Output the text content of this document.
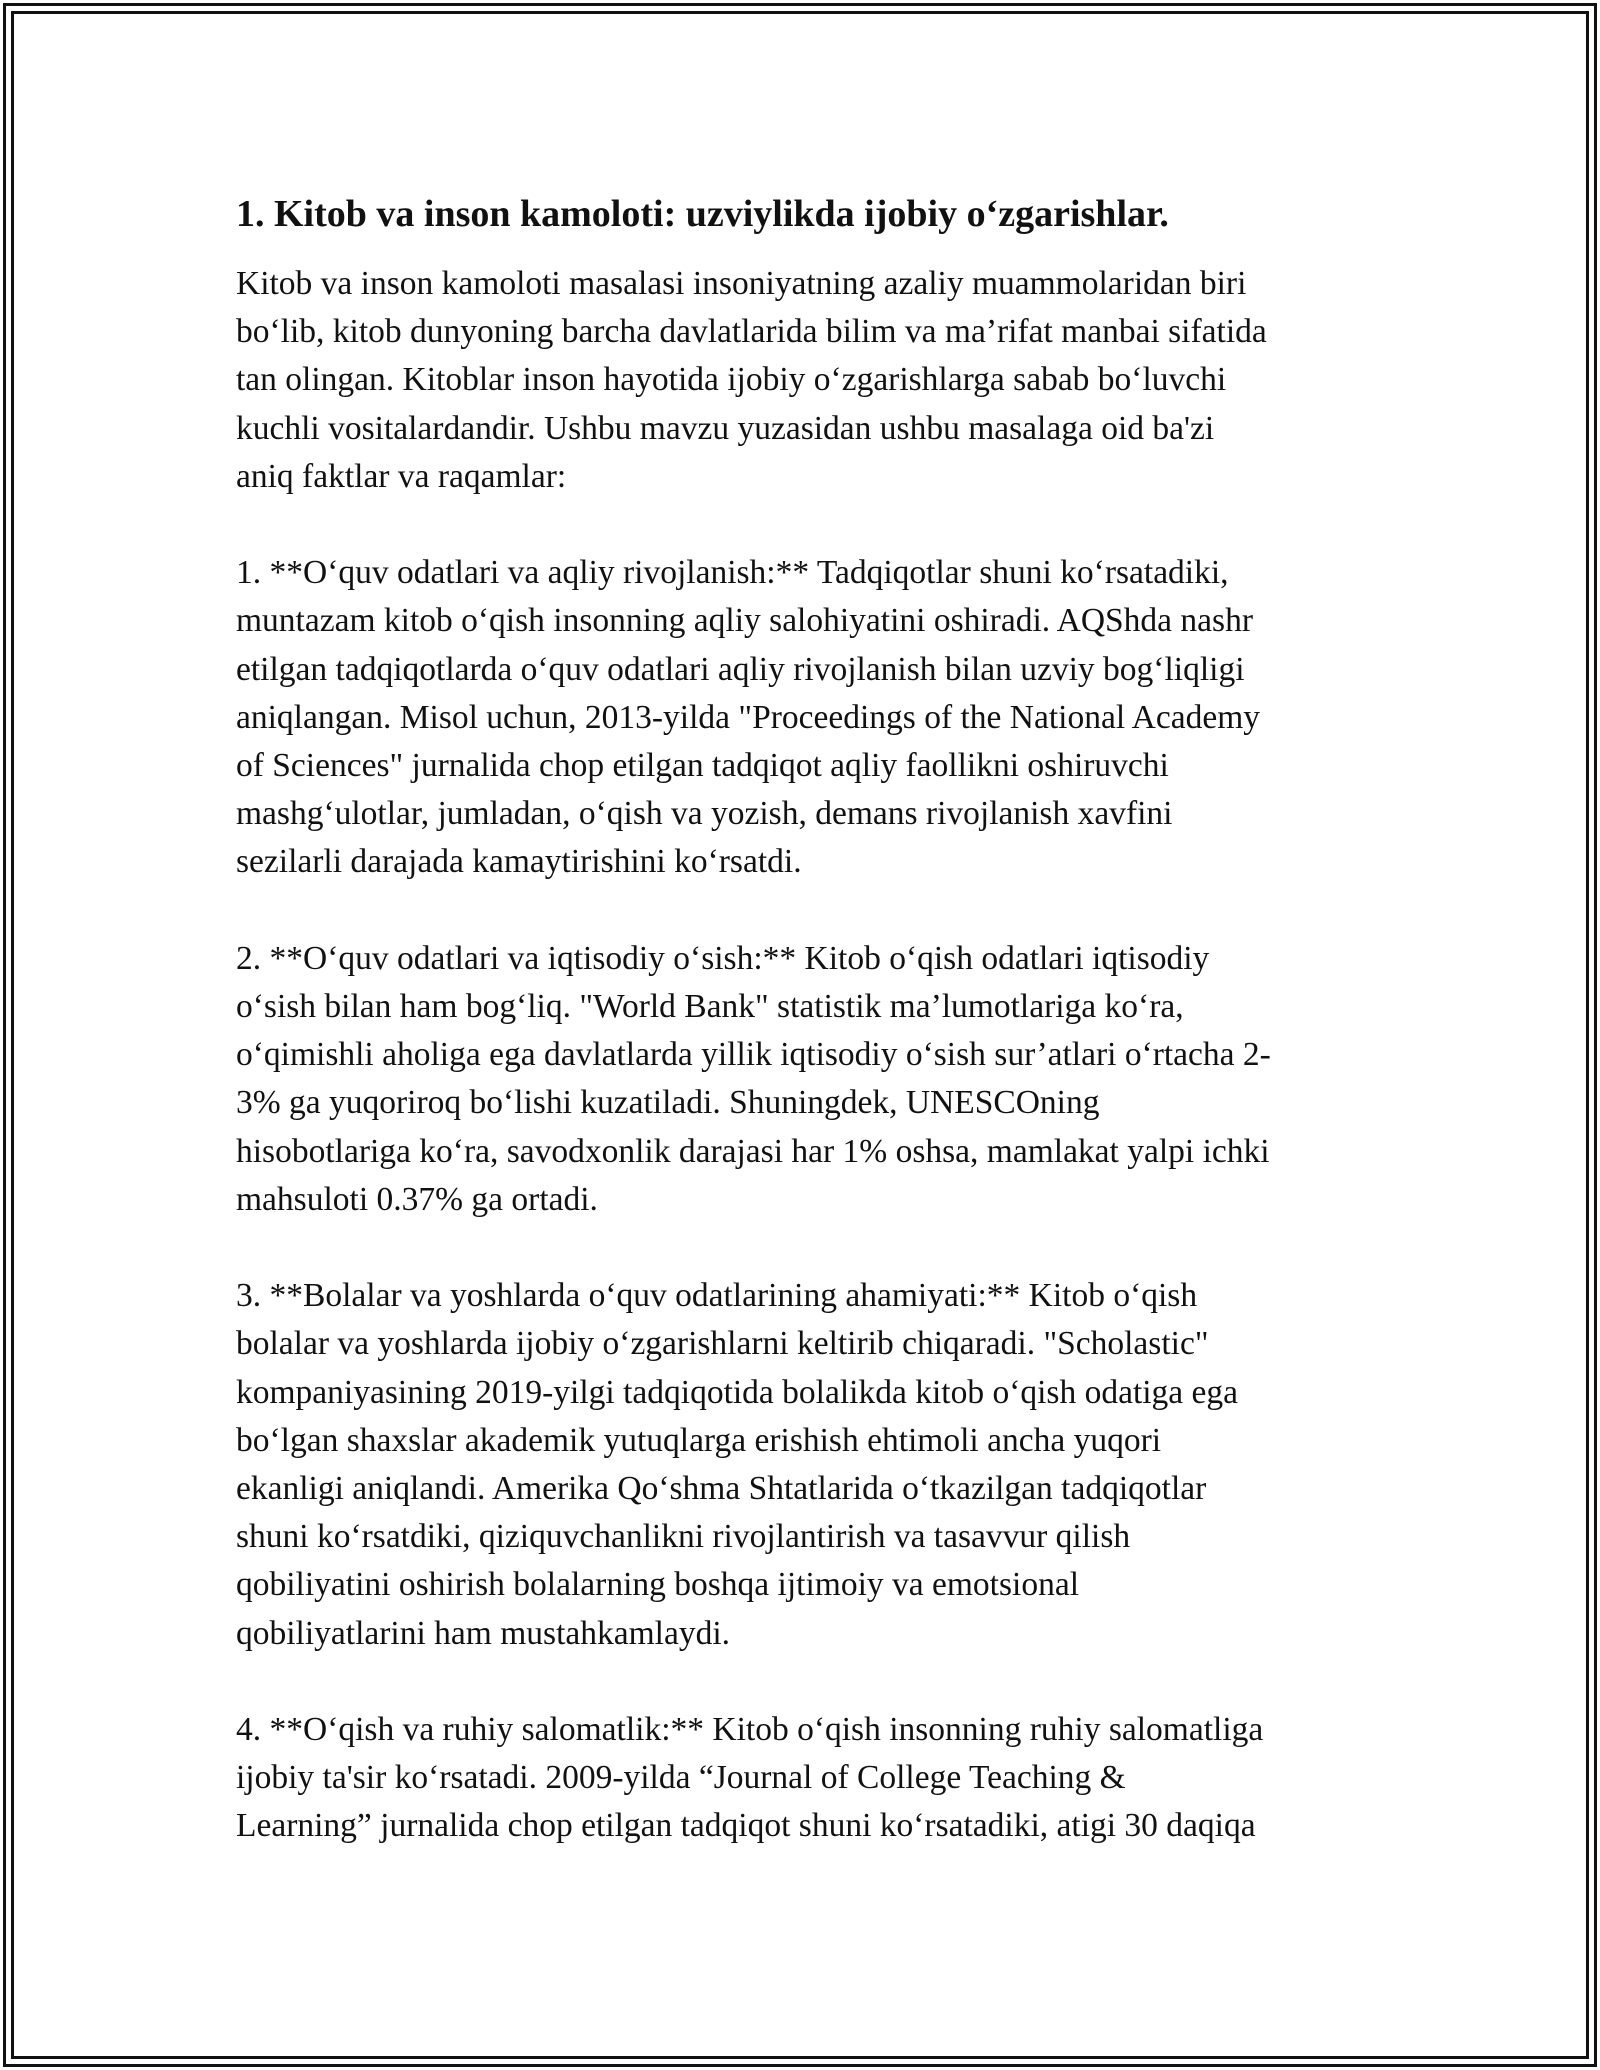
1. Kitob va inson kamoloti: uzviylikda ijobiy o‘zgarishlar.
Kitob va inson kamoloti masalasi insoniyatning azaliy muammolaridan biri
bo‘lib, kitob dunyoning barcha davlatlarida bilim va ma’rifat manbai sifatida
tan olingan. Kitoblar inson hayotida ijobiy o‘zgarishlarga sabab bo‘luvchi
kuchli vositalardandir. Ushbu mavzu yuzasidan ushbu masalaga oid ba'zi
aniq faktlar va raqamlar:
1. **O‘quv odatlari va aqliy rivojlanish:** Tadqiqotlar shuni ko‘rsatadiki,
muntazam kitob o‘qish insonning aqliy salohiyatini oshiradi. AQShda nashr
etilgan tadqiqotlarda o‘quv odatlari aqliy rivojlanish bilan uzviy bog‘liqligi
aniqlangan. Misol uchun, 2013-yilda "Proceedings of the National Academy
of Sciences" jurnalida chop etilgan tadqiqot aqliy faollikni oshiruvchi
mashg‘ulotlar, jumladan, o‘qish va yozish, demans rivojlanish xavfini
sezilarli darajada kamaytirishini ko‘rsatdi.
2. **O‘quv odatlari va iqtisodiy o‘sish:** Kitob o‘qish odatlari iqtisodiy
o‘sish bilan ham bog‘liq. "World Bank" statistik ma’lumotlariga ko‘ra,
o‘qimishli aholiga ega davlatlarda yillik iqtisodiy o‘sish sur’atlari o‘rtacha 2-
3% ga yuqoriroq bo‘lishi kuzatiladi. Shuningdek, UNESCOning
hisobotlariga ko‘ra, savodxonlik darajasi har 1% oshsa, mamlakat yalpi ichki
mahsuloti 0.37% ga ortadi.
3. **Bolalar va yoshlarda o‘quv odatlarining ahamiyati:** Kitob o‘qish
bolalar va yoshlarda ijobiy o‘zgarishlarni keltirib chiqaradi. "Scholastic"
kompaniyasining 2019-yilgi tadqiqotida bolalikda kitob o‘qish odatiga ega
bo‘lgan shaxslar akademik yutuqlarga erishish ehtimoli ancha yuqori
ekanligi aniqlandi. Amerika Qo‘shma Shtatlarida o‘tkazilgan tadqiqotlar
shuni ko‘rsatdiki, qiziquvchanlikni rivojlantirish va tasavvur qilish
qobiliyatini oshirish bolalarning boshqa ijtimoiy va emotsional
qobiliyatlarini ham mustahkamlaydi.
4. **O‘qish va ruhiy salomatlik:** Kitob o‘qish insonning ruhiy salomatliga
ijobiy ta'sir ko‘rsatadi. 2009-yilda “Journal of College Teaching &
Learning” jurnalida chop etilgan tadqiqot shuni ko‘rsatadiki, atigi 30 daqiqa
